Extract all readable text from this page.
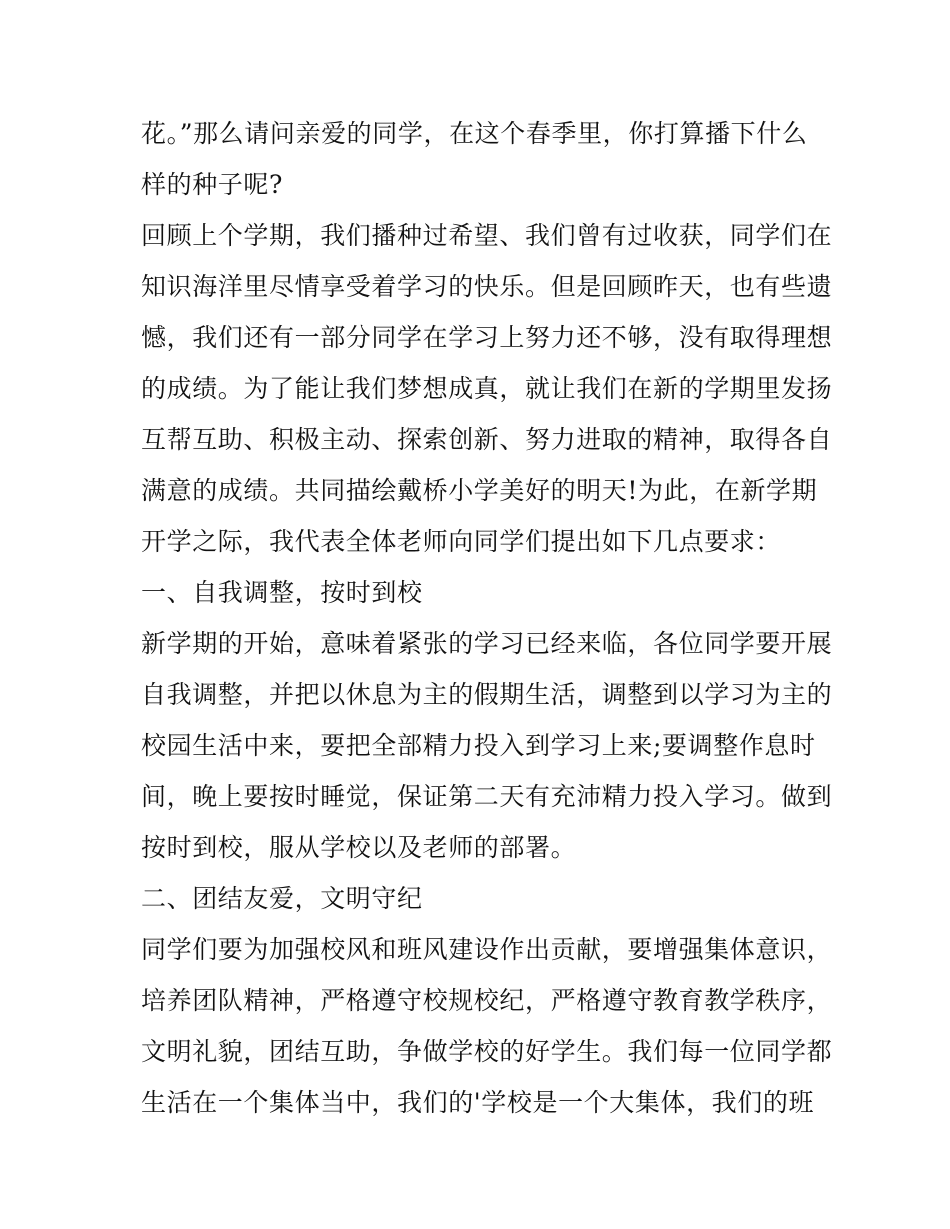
花。”那么请问亲爱的同学，在这个春季里，你打算播下什么
样的种子呢?
回顾上个学期，我们播种过希望、我们曾有过收获，同学们在
知识海洋里尽情享受着学习的快乐。但是回顾昨天，也有些遗
憾，我们还有一部分同学在学习上努力还不够，没有取得理想
的成绩。为了能让我们梦想成真，就让我们在新的学期里发扬
互帮互助、积极主动、探索创新、努力进取的精神，取得各自
满意的成绩。共同描绘戴桥小学美好的明天!为此，在新学期
开学之际，我代表全体老师向同学们提出如下几点要求：
一、自我调整，按时到校
新学期的开始，意味着紧张的学习已经来临，各位同学要开展
自我调整，并把以休息为主的假期生活，调整到以学习为主的
校园生活中来，要把全部精力投入到学习上来;要调整作息时
间，晚上要按时睡觉，保证第二天有充沛精力投入学习。做到
按时到校，服从学校以及老师的部署。
二、团结友爱，文明守纪
同学们要为加强校风和班风建设作出贡献，要增强集体意识，
培养团队精神，严格遵守校规校纪，严格遵守教育教学秩序，
文明礼貌，团结互助，争做学校的好学生。我们每一位同学都
生活在一个集体当中，我们的'学校是一个大集体，我们的班
